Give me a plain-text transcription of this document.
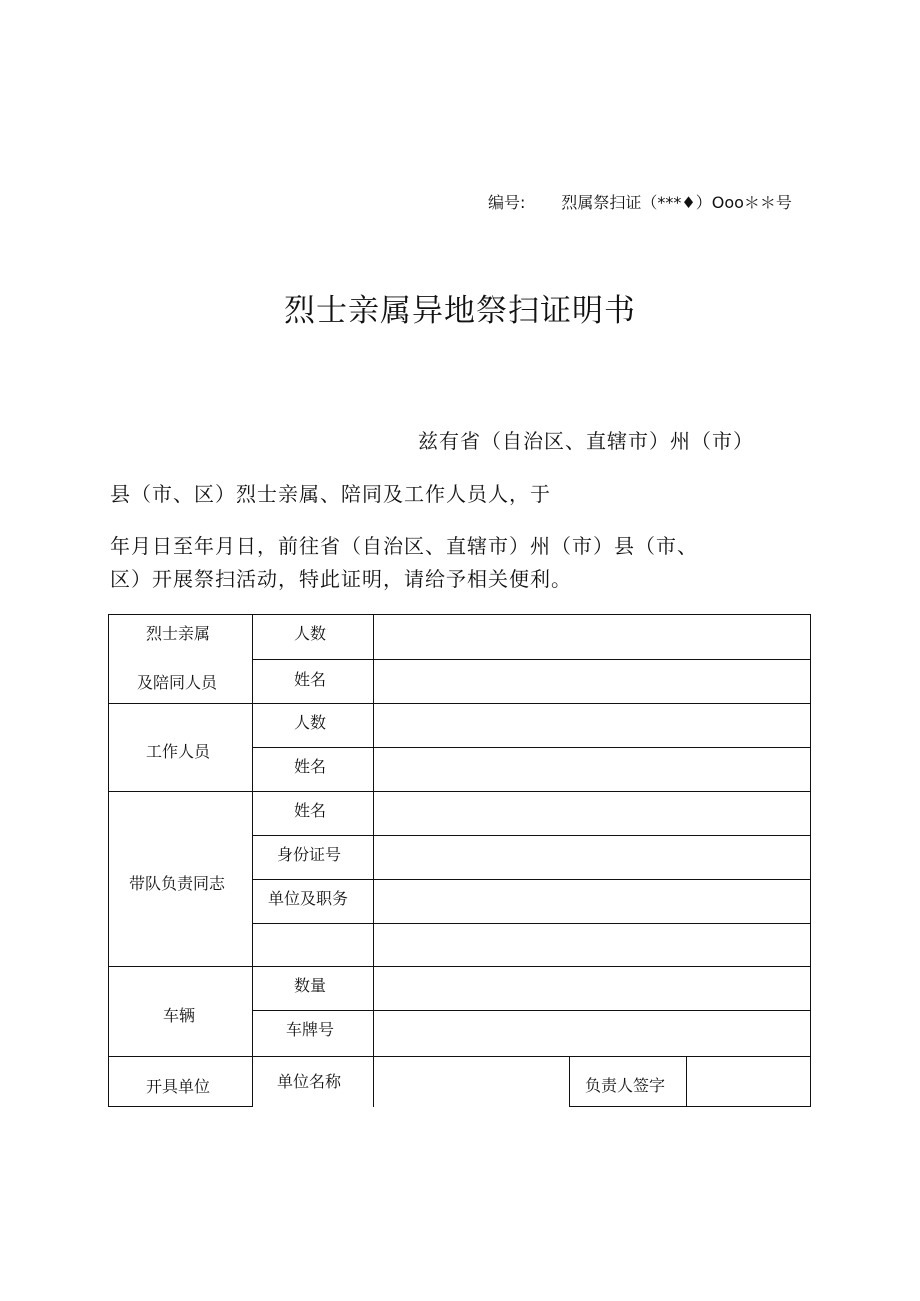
编号: 烈属祭扫证（***♦）Ooo＊＊号
烈士亲属异地祭扫证明书
兹有省（自治区、直辖市）州（市）
县（市、区）烈士亲属、陪同及工作人员人，于
年月日至年月日，前往省（自治区、直辖市）州（市）县（市、
区）开展祭扫活动，特此证明，请给予相关便利。
烈士亲属
及陪同人员
工作人员
带队负责同志
车辆
开具单位
人数
姓名
人数
姓名
姓名
身份证号
单位及职务
数量
车牌号
单位名称	负责人签字
